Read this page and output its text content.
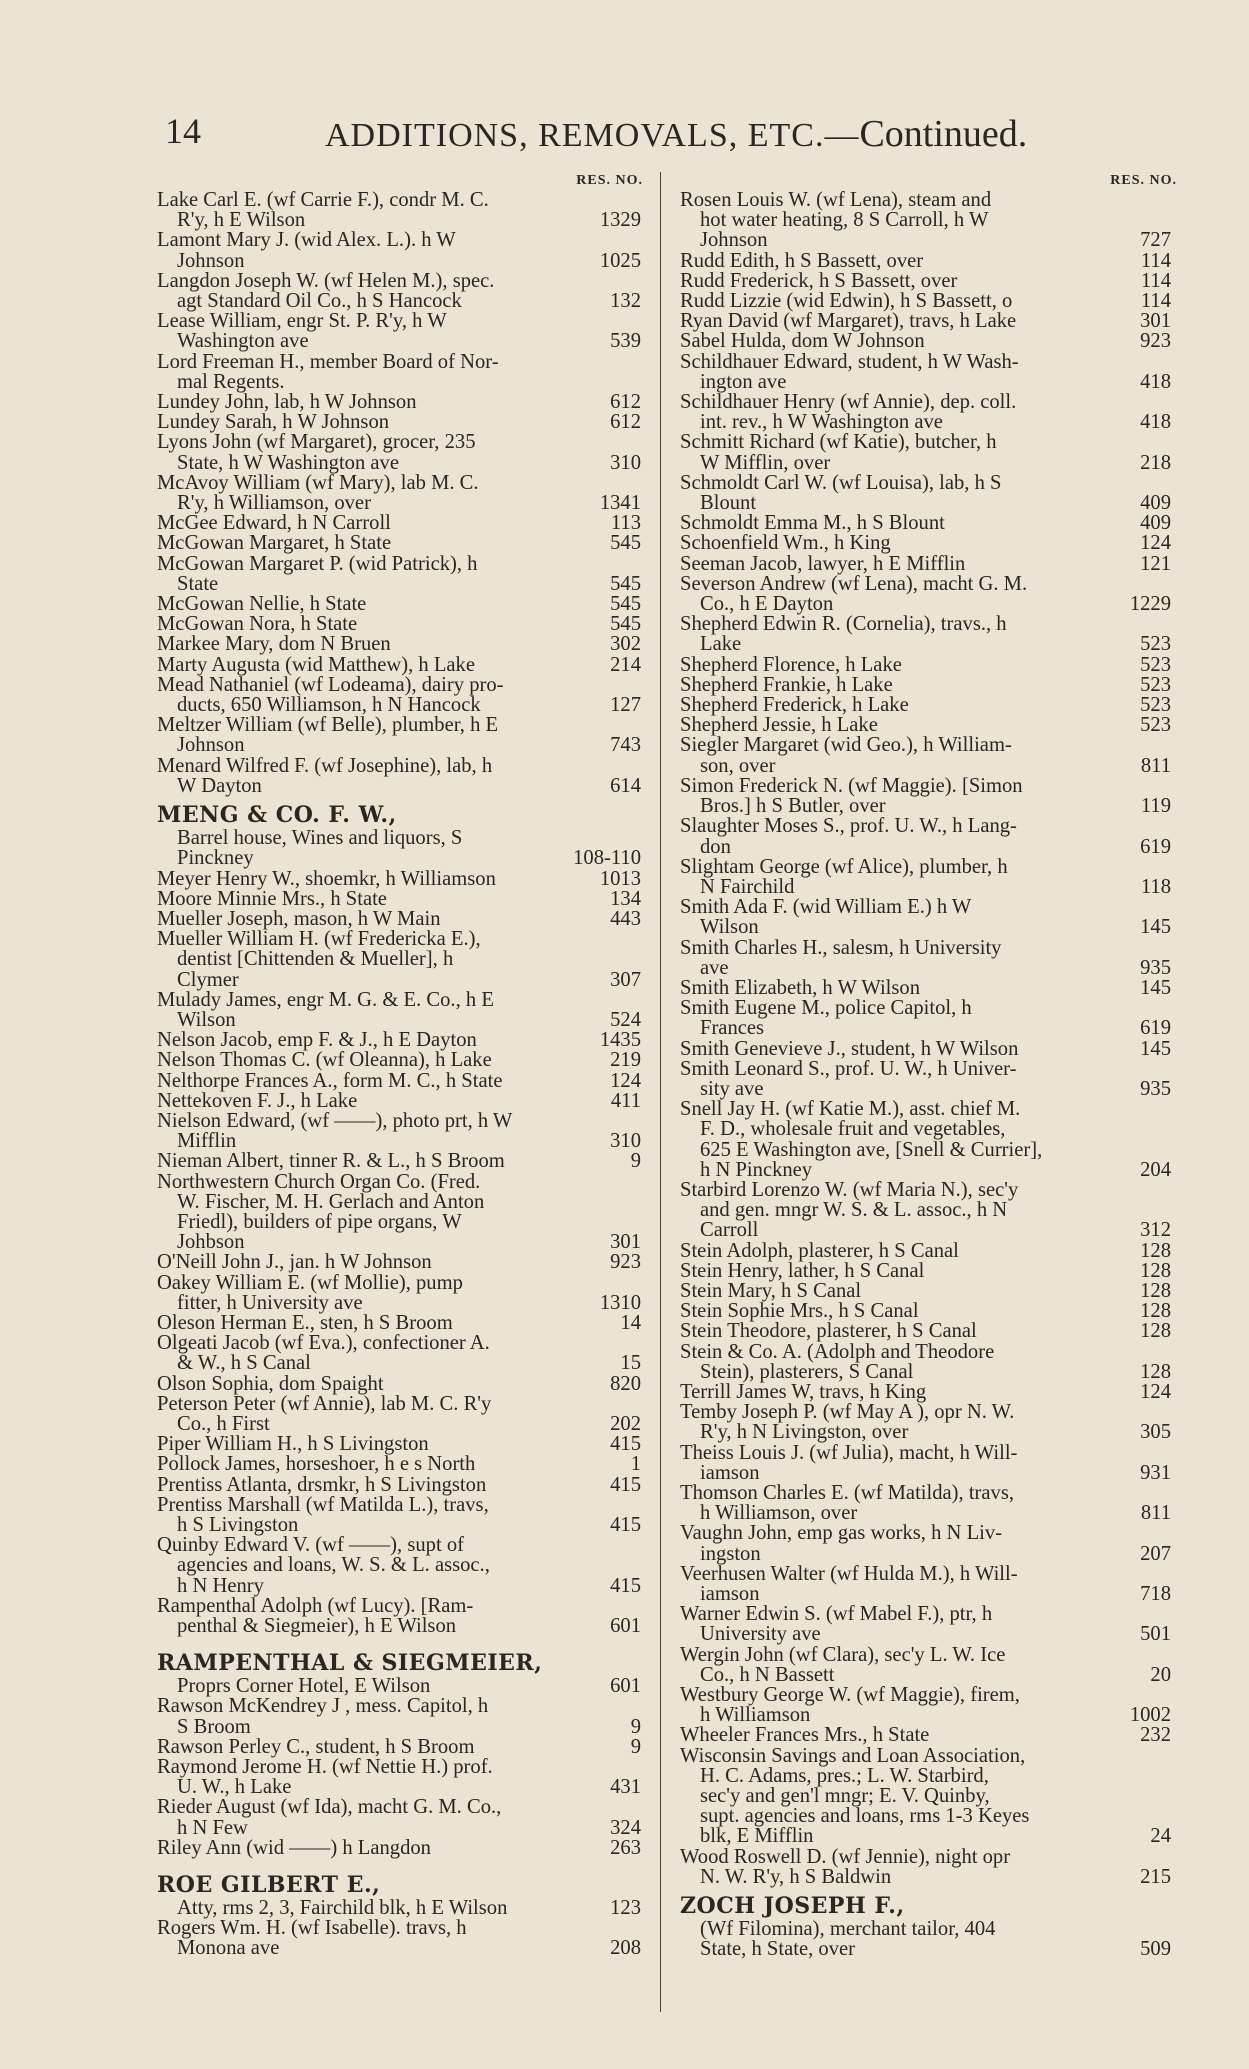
14	ADDITIONS, REMOVALS, ETC.—Continued.
RES. NO.
Lake Carl E. (wf Carrie F.), condr M. C.
R'y, h E Wilson	1329
Lamont Mary J. (wid Alex. L.). h W
Johnson	1025
Langdon Joseph W. (wf Helen M.), spec.
agt Standard Oil Co., h S Hancock	132
Lease William, engr St. P. R'y, h W
Washington ave	539
Lord Freeman H., member Board of Nor-
mal Regents.
Lundey John, lab, h W Johnson	612
Lundey Sarah, h W Johnson	612
Lyons John (wf Margaret), grocer, 235
State, h W Washington ave	310
McAvoy William (wf Mary), lab M. C.
R'y, h Williamson, over	1341
McGee Edward, h N Carroll	113
McGowan Margaret, h State	545
McGowan Margaret P. (wid Patrick), h
State	545
McGowan Nellie, h State	545
McGowan Nora, h State	545
Markee Mary, dom N Bruen	302
Marty Augusta (wid Matthew), h Lake	214
Mead Nathaniel (wf Lodeama), dairy pro-
ducts, 650 Williamson, h N Hancock	127
Meltzer William (wf Belle), plumber, h E
Johnson	743
Menard Wilfred F. (wf Josephine), lab, h
W Dayton	614
MENG & CO. F. W.,
Barrel house, Wines and liquors, S
Pinckney	108-110
Meyer Henry W., shoemkr, h Williamson	1013
Moore Minnie Mrs., h State	134
Mueller Joseph, mason, h W Main	443
Mueller William H. (wf Fredericka E.),
dentist [Chittenden & Mueller], h
Clymer	307
Mulady James, engr M. G. & E. Co., h E
Wilson	524
Nelson Jacob, emp F. & J., h E Dayton	1435
Nelson Thomas C. (wf Oleanna), h Lake	219
Nelthorpe Frances A., form M. C., h State	124
Nettekoven F. J., h Lake	411
Nielson Edward, (wf ——), photo prt, h W
Mifflin	310
Nieman Albert, tinner R. & L., h S Broom	9
Northwestern Church Organ Co. (Fred.
W. Fischer, M. H. Gerlach and Anton
Friedl), builders of pipe organs, W
Johbson	301
O'Neill John J., jan. h W Johnson	923
Oakey William E. (wf Mollie), pump
fitter, h University ave	1310
Oleson Herman E., sten, h S Broom	14
Olgeati Jacob (wf Eva.), confectioner A.
& W., h S Canal	15
Olson Sophia, dom Spaight	820
Peterson Peter (wf Annie), lab M. C. R'y
Co., h First	202
Piper William H., h S Livingston	415
Pollock James, horseshoer, h e s North	1
Prentiss Atlanta, drsmkr, h S Livingston	415
Prentiss Marshall (wf Matilda L.), travs,
h S Livingston	415
Quinby Edward V. (wf ——), supt of
agencies and loans, W. S. & L. assoc.,
h N Henry	415
Rampenthal Adolph (wf Lucy). [Ram-
penthal & Siegmeier), h E Wilson	601
RAMPENTHAL & SIEGMEIER,
Proprs Corner Hotel, E Wilson	601
Rawson McKendrey J , mess. Capitol, h
S Broom	9
Rawson Perley C., student, h S Broom	9
Raymond Jerome H. (wf Nettie H.) prof.
U. W., h Lake	431
Rieder August (wf Ida), macht G. M. Co.,
h N Few	324
Riley Ann (wid ——) h Langdon	263
ROE GILBERT E.,
Atty, rms 2, 3, Fairchild blk, h E Wilson	123
Rogers Wm. H. (wf Isabelle). travs, h
Monona ave	208
RES. NO.
Rosen Louis W. (wf Lena), steam and
hot water heating, 8 S Carroll, h W
Johnson	727
Rudd Edith, h S Bassett, over	114
Rudd Frederick, h S Bassett, over	114
Rudd Lizzie (wid Edwin), h S Bassett, o	114
Ryan David (wf Margaret), travs, h Lake	301
Sabel Hulda, dom W Johnson	923
Schildhauer Edward, student, h W Wash-
ington ave	418
Schildhauer Henry (wf Annie), dep. coll.
int. rev., h W Washington ave	418
Schmitt Richard (wf Katie), butcher, h
W Mifflin, over	218
Schmoldt Carl W. (wf Louisa), lab, h S
Blount	409
Schmoldt Emma M., h S Blount	409
Schoenfield Wm., h King	124
Seeman Jacob, lawyer, h E Mifflin	121
Severson Andrew (wf Lena), macht G. M.
Co., h E Dayton	1229
Shepherd Edwin R. (Cornelia), travs., h
Lake	523
Shepherd Florence, h Lake	523
Shepherd Frankie, h Lake	523
Shepherd Frederick, h Lake	523
Shepherd Jessie, h Lake	523
Siegler Margaret (wid Geo.), h William-
son, over	811
Simon Frederick N. (wf Maggie). [Simon
Bros.] h S Butler, over	119
Slaughter Moses S., prof. U. W., h Lang-
don	619
Slightam George (wf Alice), plumber, h
N Fairchild	118
Smith Ada F. (wid William E.) h W
Wilson	145
Smith Charles H., salesm, h University
ave	935
Smith Elizabeth, h W Wilson	145
Smith Eugene M., police Capitol, h
Frances	619
Smith Genevieve J., student, h W Wilson	145
Smith Leonard S., prof. U. W., h Univer-
sity ave	935
Snell Jay H. (wf Katie M.), asst. chief M.
F. D., wholesale fruit and vegetables,
625 E Washington ave, [Snell & Currier],
h N Pinckney	204
Starbird Lorenzo W. (wf Maria N.), sec'y
and gen. mngr W. S. & L. assoc., h N
Carroll	312
Stein Adolph, plasterer, h S Canal	128
Stein Henry, lather, h S Canal	128
Stein Mary, h S Canal	128
Stein Sophie Mrs., h S Canal	128
Stein Theodore, plasterer, h S Canal	128
Stein & Co. A. (Adolph and Theodore
Stein), plasterers, S Canal	128
Terrill James W, travs, h King	124
Temby Joseph P. (wf May A ), opr N. W.
R'y, h N Livingston, over	305
Theiss Louis J. (wf Julia), macht, h Will-
iamson	931
Thomson Charles E. (wf Matilda), travs,
h Williamson, over	811
Vaughn John, emp gas works, h N Liv-
ingston	207
Veerhusen Walter (wf Hulda M.), h Will-
iamson	718
Warner Edwin S. (wf Mabel F.), ptr, h
University ave	501
Wergin John (wf Clara), sec'y L. W. Ice
Co., h N Bassett	20
Westbury George W. (wf Maggie), firem,
h Williamson	1002
Wheeler Frances Mrs., h State	232
Wisconsin Savings and Loan Association,
H. C. Adams, pres.; L. W. Starbird,
sec'y and gen'l mngr; E. V. Quinby,
supt. agencies and loans, rms 1-3 Keyes
blk, E Mifflin	24
Wood Roswell D. (wf Jennie), night opr
N. W. R'y, h S Baldwin	215
ZOCH JOSEPH F.,
(Wf Filomina), merchant tailor, 404
State, h State, over	509
